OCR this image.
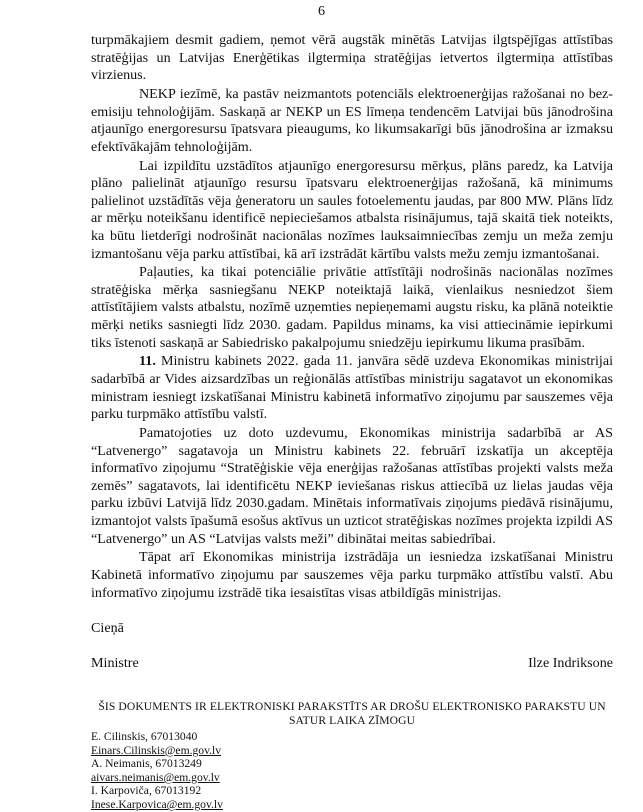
6

turpmākajiem desmit gadiem, ņemot vērā augstāk minētās Latvijas ilgtspējīgas attīstības stratēģijas un Latvijas Enerģētikas ilgtermiņa stratēģijas ietvertos ilgtermiņa attīstības virzienus.

NEKP iezīmē, ka pastāv neizmantots potenciāls elektroenerģijas ražošanai no bez-emisiju tehnoloģijām. Saskaņā ar NEKP un ES līmeņa tendencēm Latvijai būs jānodrošina atjaunīgo energoresursu īpatsvara pieaugums, ko likumsakarīgi būs jānodrošina ar izmaksu efektīvākajām tehnoloģijām.

Lai izpildītu uzstādītos atjaunīgo energoresursu mērķus, plāns paredz, ka Latvija plāno palielināt atjaunīgo resursu īpatsvaru elektroenerģijas ražošanā, kā minimums palielinot uzstādītās vēja ģeneratoru un saules fotoelementu jaudas, par 800 MW. Plāns līdz ar mērķu noteikšanu identificē nepieciešamos atbalsta risinājumus, tajā skaitā tiek noteikts, ka būtu lietderīgi nodrošināt nacionālas nozīmes lauksaimniecības zemju un meža zemju izmantošanu vēja parku attīstībai, kā arī izstrādāt kārtību valsts mežu zemju izmantošanai.

Paļauties, ka tikai potenciālie privātie attīstītāji nodrošinās nacionālas nozīmes stratēģiska mērķa sasniegšanu NEKP noteiktajā laikā, vienlaikus nesniedzot šiem attīstītājiem valsts atbalstu, nozīmē uzņemties nepieņemami augstu risku, ka plānā noteiktie mērķi netiks sasniegti līdz 2030. gadam. Papildus minams, ka visi attiecināmie iepirkumi tiks īstenoti saskaņā ar Sabiedrisko pakalpojumu sniedzēju iepirkumu likuma prasībām.

11. Ministru kabinets 2022. gada 11. janvāra sēdē uzdeva Ekonomikas ministrijai sadarbībā ar Vides aizsardzības un reģionālās attīstības ministriju sagatavot un ekonomikas ministram iesniegt izskatīšanai Ministru kabinetā informatīvo ziņojumu par sauszemes vēja parku turpmāko attīstību valstī.

Pamatojoties uz doto uzdevumu, Ekonomikas ministrija sadarbībā ar AS “Latvenergo” sagatavoja un Ministru kabinets 22. februārī izskatīja un akceptēja informatīvo ziņojumu “Stratēģiskie vēja enerģijas ražošanas attīstības projekti valsts meža zemēs” sagatavots, lai identificētu NEKP ieviešanas riskus attiecībā uz lielas jaudas vēja parku izbūvi Latvijā līdz 2030.gadam. Minētais informatīvais ziņojums piedāvā risinājumu, izmantojot valsts īpašumā esošus aktīvus un uzticot stratēģiskas nozīmes projekta izpildi AS “Latvenergo” un AS “Latvijas valsts meži” dibinātai meitas sabiedrībai.

Tāpat arī Ekonomikas ministrija izstrādāja un iesniedza izskatīšanai Ministru Kabinetā informatīvo ziņojumu par sauszemes vēja parku turpmāko attīstību valstī. Abu informatīvo ziņojumu izstrādē tika iesaistītas visas atbildīgās ministrijas.

Cieņā
Ministre	Ilze Indriksone
ŠIS DOKUMENTS IR ELEKTRONISKI PARAKSTĪTS AR DROŠU ELEKTRONISKO PARAKSTU UN
SATUR LAIKA ZĪMOGU
E. Cilinskis, 67013040
Einars.Cilinskis@em.gov.lv
A. Neimanis, 67013249
aivars.neimanis@em.gov.lv
I. Karpoviča, 67013192
Inese.Karpovica@em.gov.lv
